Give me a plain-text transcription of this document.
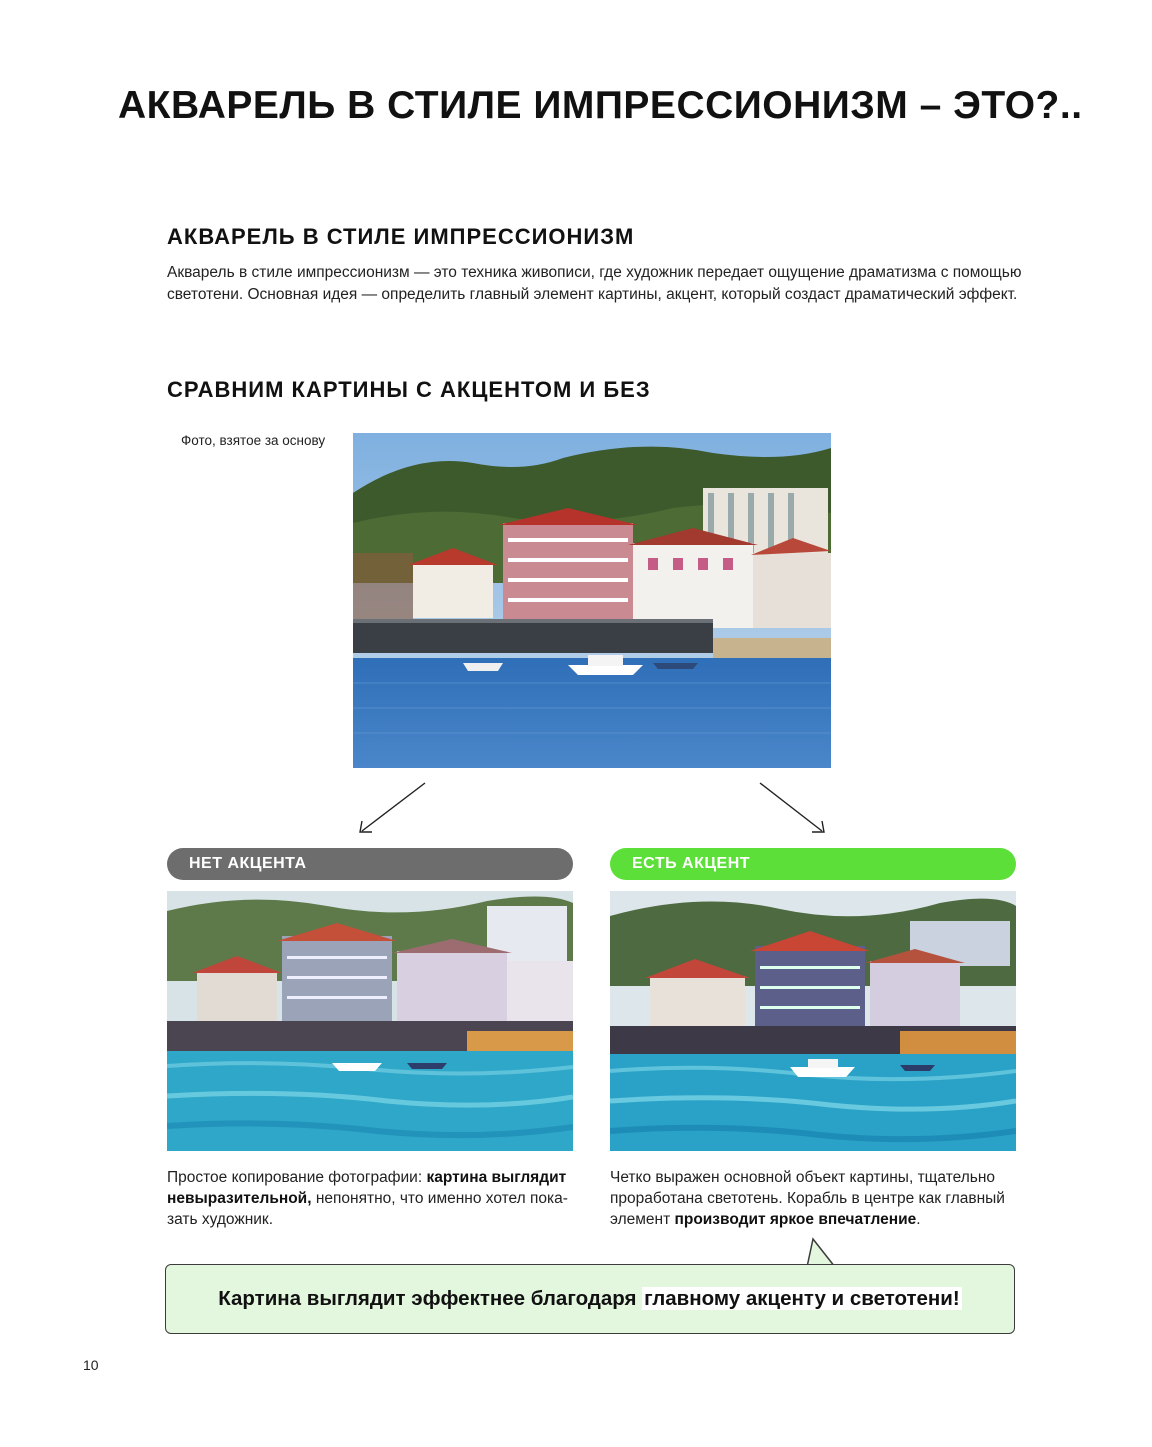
АКВАРЕЛЬ В СТИЛЕ ИМПРЕССИОНИЗМ – ЭТО?..
АКВАРЕЛЬ В СТИЛЕ ИМПРЕССИОНИЗМ
Акварель в стиле импрессионизм — это техника живописи, где художник передает ощущение драматизма с помощью светотени. Основная идея — определить главный элемент картины, акцент, который создаст драматический эффект.
СРАВНИМ КАРТИНЫ С АКЦЕНТОМ И БЕЗ
Фото, взятое за основу
НЕТ АКЦЕНТА	ЕСТЬ АКЦЕНТ
Простое копирование фотографии: картина выглядит невыразительной, непонятно, что именно хотел показать художник.
Четко выражен основной объект картины, тщательно проработана светотень. Корабль в центре как главный элемент производит яркое впечатление.
Картина выглядит эффектнее благодаря главному акценту и светотени!
10
